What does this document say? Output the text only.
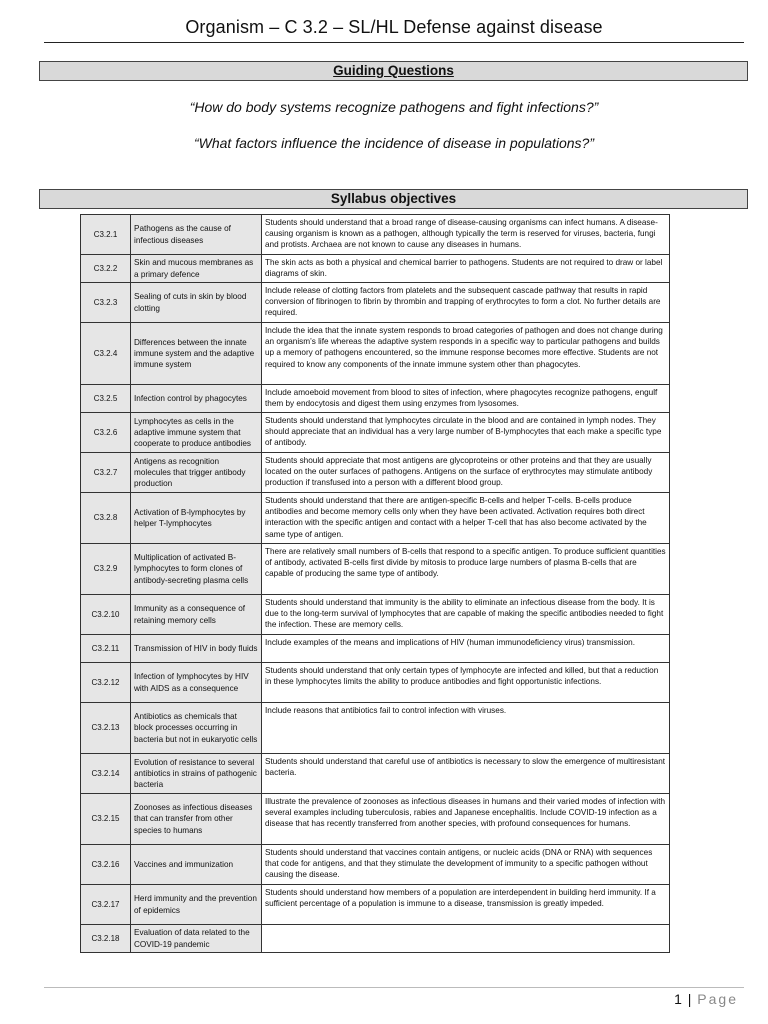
Organism – C 3.2 – SL/HL Defense against disease
Guiding Questions
“How do body systems recognize pathogens and fight infections?”
“What factors influence the incidence of disease in populations?”
Syllabus objectives
C3.2.1	Pathogens as the cause of infectious diseases	Students should understand that a broad range of disease-causing organisms can infect humans. A disease-causing organism is known as a pathogen, although typically the term is reserved for viruses, bacteria, fungi and protists. Archaea are not known to cause any diseases in humans.
C3.2.2	Skin and mucous membranes as a primary defence	The skin acts as both a physical and chemical barrier to pathogens. Students are not required to draw or label diagrams of skin.
C3.2.3	Sealing of cuts in skin by blood clotting	Include release of clotting factors from platelets and the subsequent cascade pathway that results in rapid conversion of fibrinogen to fibrin by thrombin and trapping of erythrocytes to form a clot. No further details are required.
C3.2.4	Differences between the innate immune system and the adaptive immune system	Include the idea that the innate system responds to broad categories of pathogen and does not change during an organism’s life whereas the adaptive system responds in a specific way to particular pathogens and builds up a memory of pathogens encountered, so the immune response becomes more effective. Students are not required to know any components of the innate immune system other than phagocytes.
C3.2.5	Infection control by phagocytes	Include amoeboid movement from blood to sites of infection, where phagocytes recognize pathogens, engulf them by endocytosis and digest them using enzymes from lysosomes.
C3.2.6	Lymphocytes as cells in the adaptive immune system that cooperate to produce antibodies	Students should understand that lymphocytes circulate in the blood and are contained in lymph nodes. They should appreciate that an individual has a very large number of B-lymphocytes that each make a specific type of antibody.
C3.2.7	Antigens as recognition molecules that trigger antibody production	Students should appreciate that most antigens are glycoproteins or other proteins and that they are usually located on the outer surfaces of pathogens. Antigens on the surface of erythrocytes may stimulate antibody production if transfused into a person with a different blood group.
C3.2.8	Activation of B-lymphocytes by helper T-lymphocytes	Students should understand that there are antigen-specific B-cells and helper T-cells. B-cells produce antibodies and become memory cells only when they have been activated. Activation requires both direct interaction with the specific antigen and contact with a helper T-cell that has also become activated by the same type of antigen.
C3.2.9	Multiplication of activated B-lymphocytes to form clones of antibody-secreting plasma cells	There are relatively small numbers of B-cells that respond to a specific antigen. To produce sufficient quantities of antibody, activated B-cells first divide by mitosis to produce large numbers of plasma B-cells that are capable of producing the same type of antibody.
C3.2.10	Immunity as a consequence of retaining memory cells	Students should understand that immunity is the ability to eliminate an infectious disease from the body. It is due to the long-term survival of lymphocytes that are capable of making the specific antibodies needed to fight the infection. These are memory cells.
C3.2.11	Transmission of HIV in body fluids	Include examples of the means and implications of HIV (human immunodeficiency virus) transmission.
C3.2.12	Infection of lymphocytes by HIV with AIDS as a consequence	Students should understand that only certain types of lymphocyte are infected and killed, but that a reduction in these lymphocytes limits the ability to produce antibodies and fight opportunistic infections.
C3.2.13	Antibiotics as chemicals that block processes occurring in bacteria but not in eukaryotic cells	Include reasons that antibiotics fail to control infection with viruses.
C3.2.14	Evolution of resistance to several antibiotics in strains of pathogenic bacteria	Students should understand that careful use of antibiotics is necessary to slow the emergence of multiresistant bacteria.
C3.2.15	Zoonoses as infectious diseases that can transfer from other species to humans	Illustrate the prevalence of zoonoses as infectious diseases in humans and their varied modes of infection with several examples including tuberculosis, rabies and Japanese encephalitis. Include COVID-19 infection as a disease that has recently transferred from another species, with profound consequences for humans.
C3.2.16	Vaccines and immunization	Students should understand that vaccines contain antigens, or nucleic acids (DNA or RNA) with sequences that code for antigens, and that they stimulate the development of immunity to a specific pathogen without causing the disease.
C3.2.17	Herd immunity and the prevention of epidemics	Students should understand how members of a population are interdependent in building herd immunity. If a sufficient percentage of a population is immune to a disease, transmission is greatly impeded.
C3.2.18	Evaluation of data related to the COVID-19 pandemic	
1 | Page
